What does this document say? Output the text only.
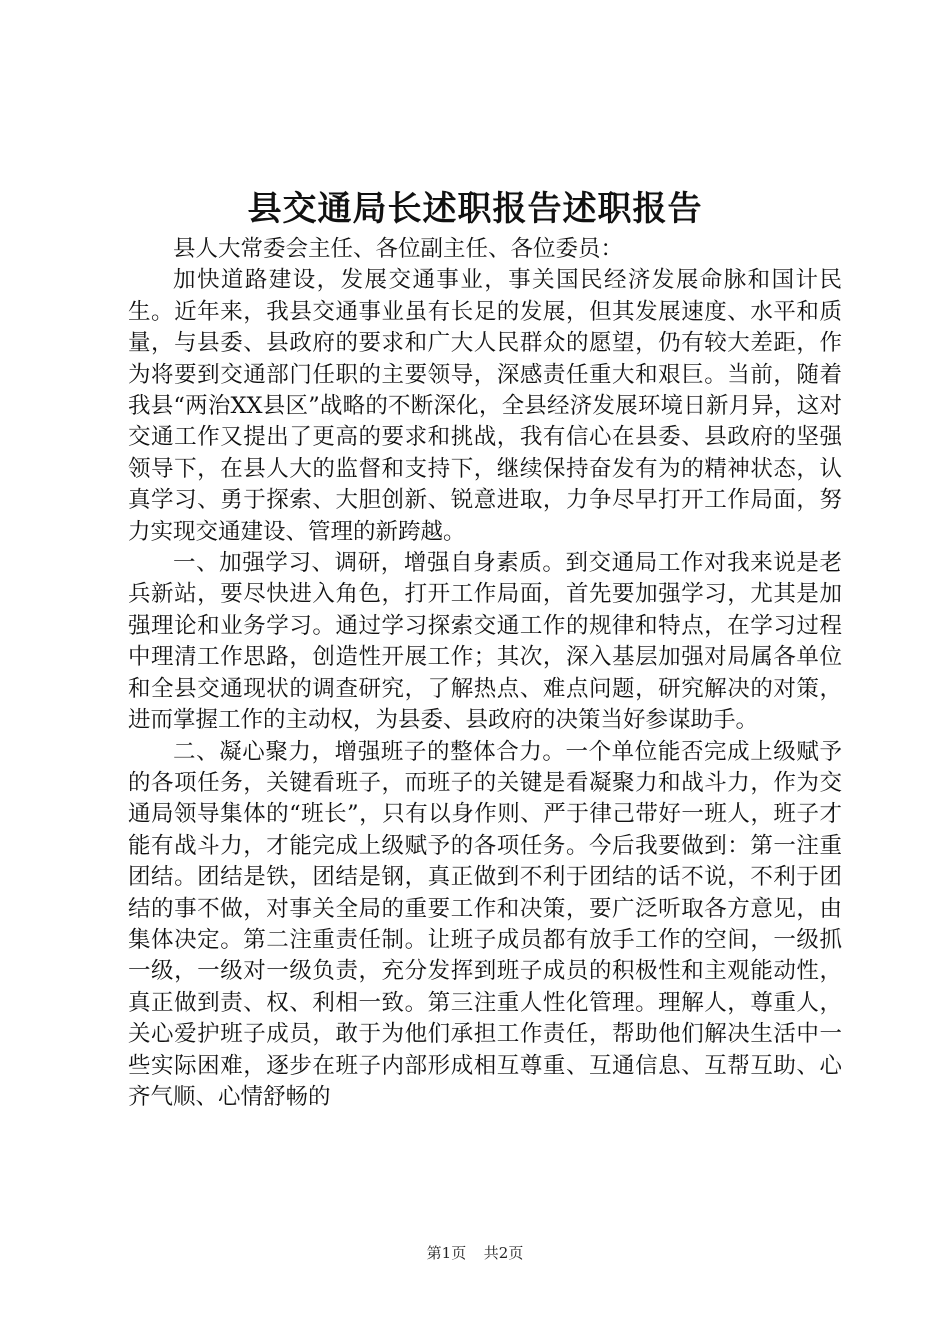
县交通局长述职报告述职报告

县人大常委会主任、各位副主任、各位委员：

加快道路建设，发展交通事业，事关国民经济发展命脉和国计民生。近年来，我县交通事业虽有长足的发展，但其发展速度、水平和质量，与县委、县政府的要求和广大人民群众的愿望，仍有较大差距，作为将要到交通部门任职的主要领导，深感责任重大和艰巨。当前，随着我县“两治XX县区”战略的不断深化，全县经济发展环境日新月异，这对交通工作又提出了更高的要求和挑战，我有信心在县委、县政府的坚强领导下，在县人大的监督和支持下，继续保持奋发有为的精神状态，认真学习、勇于探索、大胆创新、锐意进取，力争尽早打开工作局面，努力实现交通建设、管理的新跨越。

一、加强学习、调研，增强自身素质。到交通局工作对我来说是老兵新站，要尽快进入角色，打开工作局面，首先要加强学习，尤其是加强理论和业务学习。通过学习探索交通工作的规律和特点，在学习过程中理清工作思路，创造性开展工作；其次，深入基层加强对局属各单位和全县交通现状的调查研究，了解热点、难点问题，研究解决的对策，进而掌握工作的主动权，为县委、县政府的决策当好参谋助手。

二、凝心聚力，增强班子的整体合力。一个单位能否完成上级赋予的各项任务，关键看班子，而班子的关键是看凝聚力和战斗力，作为交通局领导集体的“班长”，只有以身作则、严于律己带好一班人，班子才能有战斗力，才能完成上级赋予的各项任务。今后我要做到：第一注重团结。团结是铁，团结是钢，真正做到不利于团结的话不说，不利于团结的事不做，对事关全局的重要工作和决策，要广泛听取各方意见，由集体决定。第二注重责任制。让班子成员都有放手工作的空间，一级抓一级，一级对一级负责，充分发挥到班子成员的积极性和主观能动性，真正做到责、权、利相一致。第三注重人性化管理。理解人，尊重人，关心爱护班子成员，敢于为他们承担工作责任，帮助他们解决生活中一些实际困难，逐步在班子内部形成相互尊重、互通信息、互帮互助、心齐气顺、心情舒畅的

第1页 共2页
